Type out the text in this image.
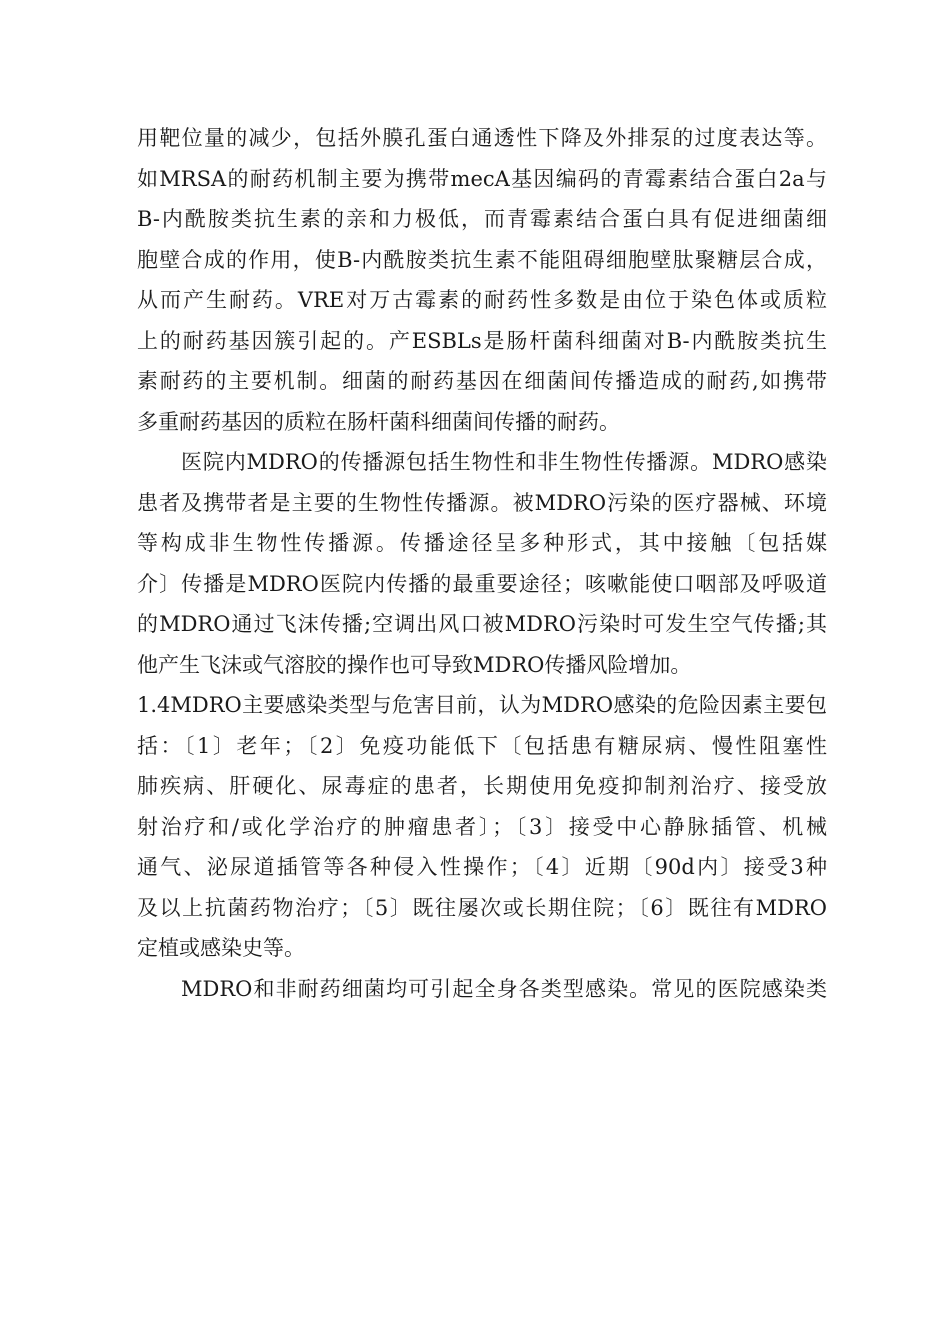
用靶位量的减少，包括外膜孔蛋白通透性下降及外排泵的过度表达等。
如MRSA的耐药机制主要为携带mecA基因编码的青霉素结合蛋白2a与
B-内酰胺类抗生素的亲和力极低，而青霉素结合蛋白具有促进细菌细
胞壁合成的作用，使B-内酰胺类抗生素不能阻碍细胞壁肽聚糖层合成，
从而产生耐药。VRE对万古霉素的耐药性多数是由位于染色体或质粒
上的耐药基因簇引起的。产ESBLs是肠杆菌科细菌对B-内酰胺类抗生
素耐药的主要机制。细菌的耐药基因在细菌间传播造成的耐药,如携带
多重耐药基因的质粒在肠杆菌科细菌间传播的耐药。
医院内MDRO的传播源包括生物性和非生物性传播源。MDRO感染
患者及携带者是主要的生物性传播源。被MDRO污染的医疗器械、环境
等构成非生物性传播源。传播途径呈多种形式，其中接触〔包括媒
介〕传播是MDRO医院内传播的最重要途径；咳嗽能使口咽部及呼吸道
的MDRO通过飞沫传播;空调出风口被MDRO污染时可发生空气传播;其
他产生飞沫或气溶胶的操作也可导致MDRO传播风险增加。
1.4MDRO主要感染类型与危害目前，认为MDRO感染的危险因素主要包
括：〔1〕老年；〔2〕免疫功能低下〔包括患有糖尿病、慢性阻塞性
肺疾病、肝硬化、尿毒症的患者，长期使用免疫抑制剂治疗、接受放
射治疗和/或化学治疗的肿瘤患者〕；〔3〕接受中心静脉插管、机械
通气、泌尿道插管等各种侵入性操作；〔4〕近期〔90d内〕接受3种
及以上抗菌药物治疗；〔5〕既往屡次或长期住院；〔6〕既往有MDRO
定植或感染史等。
MDRO和非耐药细菌均可引起全身各类型感染。常见的医院感染类
